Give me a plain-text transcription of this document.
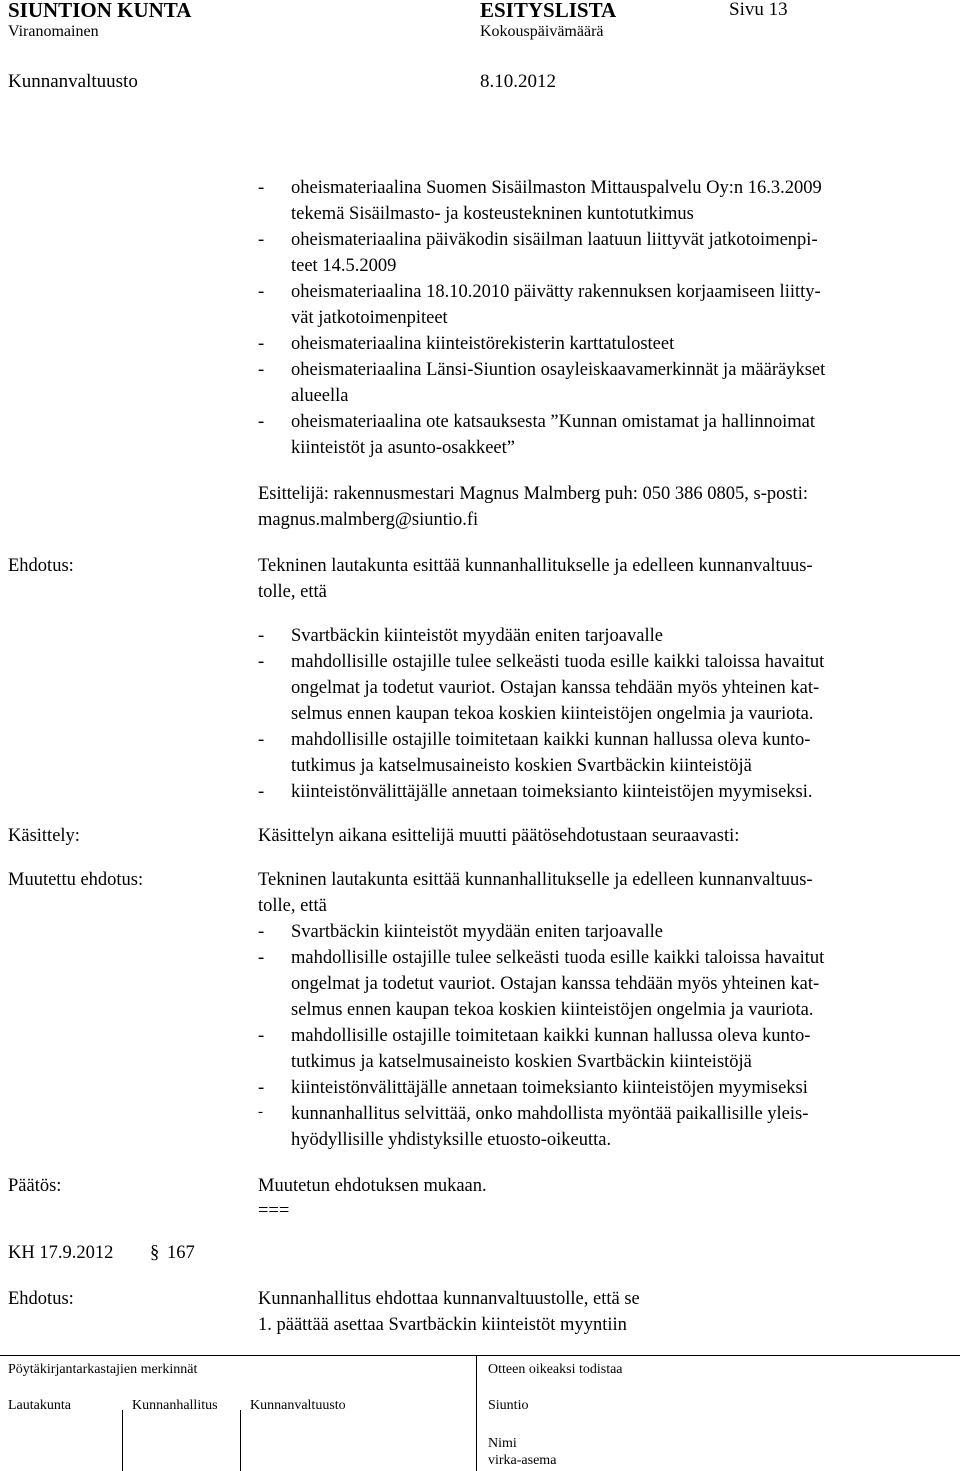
SIUNTION KUNTA	ESITYSLISTA	Sivu 13
Viranomainen	Kokouspäivämäärä
Kunnanvaltuusto	8.10.2012
- oheismateriaalina Suomen Sisäilmaston Mittauspalvelu Oy:n 16.3.2009
tekemä Sisäilmasto- ja kosteustekninen kuntotutkimus
- oheismateriaalina päiväkodin sisäilman laatuun liittyvät jatkotoimenpi-
teet 14.5.2009
- oheismateriaalina 18.10.2010 päivätty rakennuksen korjaamiseen liitty-
vät jatkotoimenpiteet
- oheismateriaalina kiinteistörekisterin karttatulosteet
- oheismateriaalina Länsi-Siuntion osayleiskaavamerkinnät ja määräykset
alueella
- oheismateriaalina ote katsauksesta ”Kunnan omistamat ja hallinnoimat
kiinteistöt ja asunto-osakkeet”
Esittelijä: rakennusmestari Magnus Malmberg puh: 050 386 0805, s-posti:
magnus.malmberg@siuntio.fi
Ehdotus:	Tekninen lautakunta esittää kunnanhallitukselle ja edelleen kunnanvaltuus-
tolle, että
- Svartbäckin kiinteistöt myydään eniten tarjoavalle
- mahdollisille ostajille tulee selkeästi tuoda esille kaikki taloissa havaitut
ongelmat ja todetut vauriot. Ostajan kanssa tehdään myös yhteinen kat-
selmus ennen kaupan tekoa koskien kiinteistöjen ongelmia ja vauriota.
- mahdollisille ostajille toimitetaan kaikki kunnan hallussa oleva kunto-
tutkimus ja katselmusaineisto koskien Svartbäckin kiinteistöjä
- kiinteistönvälittäjälle annetaan toimeksianto kiinteistöjen myymiseksi.
Käsittely:	Käsittelyn aikana esittelijä muutti päätösehdotustaan seuraavasti:
Muutettu ehdotus:	Tekninen lautakunta esittää kunnanhallitukselle ja edelleen kunnanvaltuus-
tolle, että
- Svartbäckin kiinteistöt myydään eniten tarjoavalle
- mahdollisille ostajille tulee selkeästi tuoda esille kaikki taloissa havaitut
ongelmat ja todetut vauriot. Ostajan kanssa tehdään myös yhteinen kat-
selmus ennen kaupan tekoa koskien kiinteistöjen ongelmia ja vauriota.
- mahdollisille ostajille toimitetaan kaikki kunnan hallussa oleva kunto-
tutkimus ja katselmusaineisto koskien Svartbäckin kiinteistöjä
- kiinteistönvälittäjälle annetaan toimeksianto kiinteistöjen myymiseksi
- kunnanhallitus selvittää, onko mahdollista myöntää paikallisille yleis-
hyödyllisille yhdistyksille etuosto-oikeutta.
Päätös:	Muutetun ehdotuksen mukaan.
===
KH 17.9.2012 § 167
Ehdotus:	Kunnanhallitus ehdottaa kunnanvaltuustolle, että se
1. päättää asettaa Svartbäckin kiinteistöt myyntiin
Pöytäkirjantarkastajien merkinnät	Otteen oikeaksi todistaa
Lautakunta	Kunnanhallitus Kunnanvaltuusto	Siuntio
Nimi
virka-asema
